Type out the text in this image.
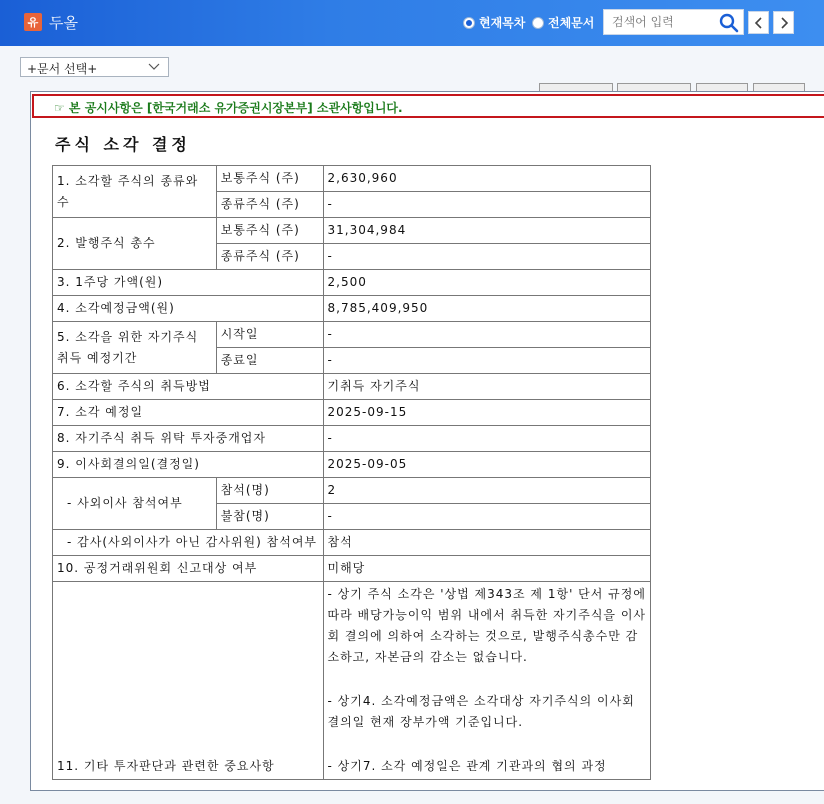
유 두올	현재목차 전체문서
검색어 입력
+문서 선택+
☞ 본 공시사항은 [한국거래소 유가증권시장본부] 소관사항입니다.
주식 소각 결정
1. 소각할 주식의 종류와 수	보통주식 (주)	2,630,960
	종류주식 (주)	-
2. 발행주식 총수	보통주식 (주)	31,304,984
	종류주식 (주)	-
3. 1주당 가액(원)		2,500
4. 소각예정금액(원)		8,785,409,950
5. 소각을 위한 자기주식 취득 예정기간	시작일	-
	종료일	-
6. 소각할 주식의 취득방법		기취득 자기주식
7. 소각 예정일		2025-09-15
8. 자기주식 취득 위탁 투자중개업자		-
9. 이사회결의일(결정일)		2025-09-05
- 사외이사 참석여부	참석(명)	2
	불참(명)	-
- 감사(사외이사가 아닌 감사위원) 참석여부		참석
10. 공정거래위원회 신고대상 여부		미해당
11. 기타 투자판단과 관련한 중요사항		- 상기 주식 소각은 '상법 제343조 제 1항' 단서 규정에 따라 배당가능이익 범위 내에서 취득한 자기주식을 이사회 결의에 의하여 소각하는 것으로, 발행주식총수만 감소하고, 자본금의 감소는 없습니다.
- 상기4. 소각예정금액은 소각대상 자기주식의 이사회 결의일 현재 장부가액 기준입니다.
- 상기7. 소각 예정일은 관계 기관과의 협의 과정
